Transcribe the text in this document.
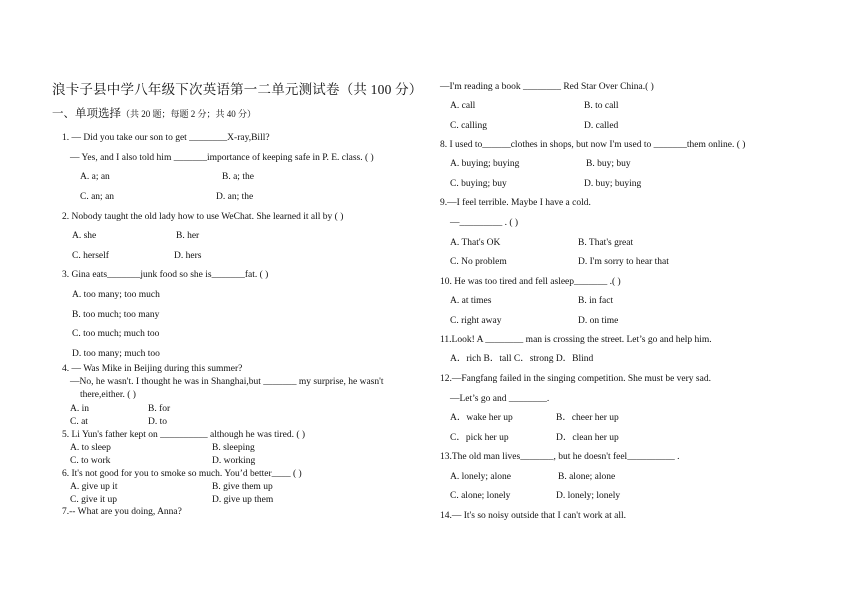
浪卡子县中学八年级下次英语第一二单元测试卷（共 100 分）
一、单项选择（共 20 题；每题 2 分；共 40 分）
1. — Did you take our son to get ________X-ray,Bill?
— Yes, and I also told him _______importance of keeping safe in P. E. class. ( )
A. a; an	B. a; the
C. an; an	D. an; the
2. Nobody taught the old lady how to use WeChat. She learned it all by ( )
A. she	B. her
C. herself	D. hers
3. Gina eats_______junk food so she is_______fat. ( )
A. too many; too much
B. too much; too many
C. too much; much too
D. too many; much too
4. — Was Mike in Beijing during this summer?
—No, he wasn't. I thought he was in Shanghai,but _______ my surprise, he wasn't
there,either. ( )
A. in	B. for
C. at	D. to
5. Li Yun's father kept on __________ although he was tired. ( )
A. to sleep	B. sleeping
C. to work	D. working
6. It's not good for you to smoke so much. You’d better____ ( )
A. give up it	B. give them up
C. give it up	D. give up them
7.-- What are you doing, Anna?
—I'm reading a book ________ Red Star Over China.( )
A. call	B. to call
C. calling	D. called
8. I used to______clothes in shops, but now I'm used to _______them online. ( )
A. buying; buying	B. buy; buy
C. buying; buy	D. buy; buying
9.—I feel terrible. Maybe I have a cold.
—_________ . ( )
A. That's OK	B. That's great
C. No problem	D. I'm sorry to hear that
10. He was too tired and fell asleep_______ .( )
A. at times	B. in fact
C. right away	D. on time
11.Look! A ________ man is crossing the street. Let’s go and help him.
A．rich B．tall C．strong D．Blind
12.—Fangfang failed in the singing competition. She must be very sad.
—Let’s go and ________.
A．wake her up	B．cheer her up
C．pick her up	D．clean her up
13.The old man lives_______, but he doesn't feel__________ .
A. lonely; alone	B. alone; alone
C. alone; lonely	D. lonely; lonely
14.— It's so noisy outside that I can't work at all.
